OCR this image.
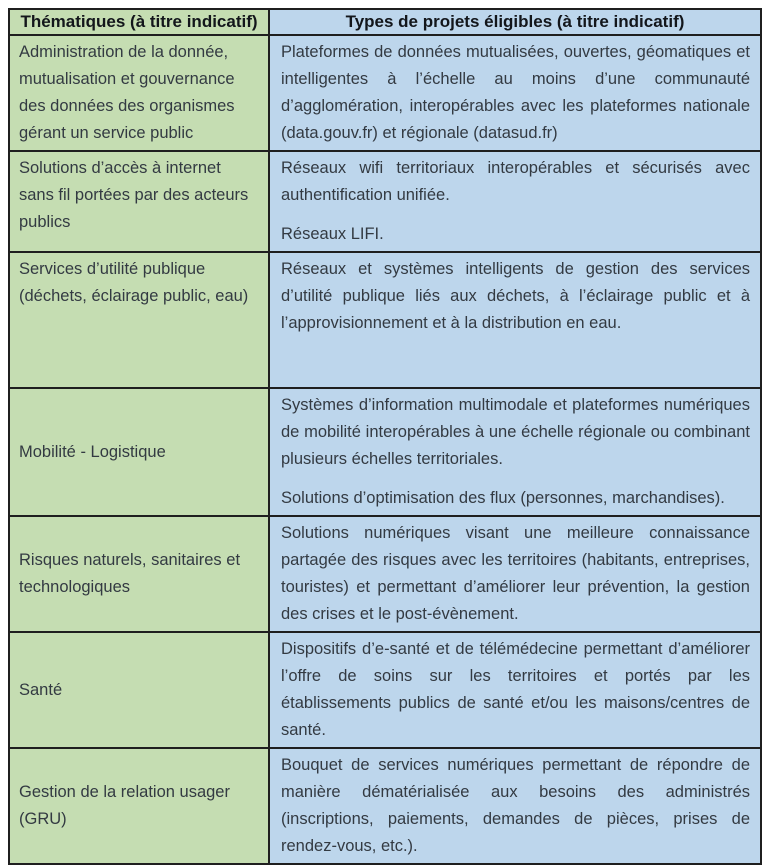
Thématiques (à titre indicatif)	Types de projets éligibles (à titre indicatif)
Administration de la donnée, mutualisation et gouvernance des données des organismes gérant un service public	Plateformes de données mutualisées, ouvertes, géomatiques et intelligentes à l’échelle au moins d’une communauté d’agglomération, interopérables avec les plateformes nationale (data.gouv.fr) et régionale (datasud.fr)

Solutions d’accès à internet sans fil portées par des acteurs publics	Réseaux wifi territoriaux interopérables et sécurisés avec authentification unifiée.

Réseaux LIFI.

Services d’utilité publique (déchets, éclairage public, eau)	Réseaux et systèmes intelligents de gestion des services d’utilité publique liés aux déchets, à l’éclairage public et à l’approvisionnement et à la distribution en eau.

Mobilité - Logistique	Systèmes d’information multimodale et plateformes numériques de mobilité interopérables à une échelle régionale ou combinant plusieurs échelles territoriales.

Solutions d’optimisation des flux (personnes, marchandises).

Risques naturels, sanitaires et technologiques	Solutions numériques visant une meilleure connaissance partagée des risques avec les territoires (habitants, entreprises, touristes) et permettant d’améliorer leur prévention, la gestion des crises et le post-évènement.

Santé	Dispositifs d’e-santé et de télémédecine permettant d’améliorer l’offre de soins sur les territoires et portés par les établissements publics de santé et/ou les maisons/centres de santé.

Gestion de la relation usager (GRU)	Bouquet de services numériques permettant de répondre de manière dématérialisée aux besoins des administrés (inscriptions, paiements, demandes de pièces, prises de rendez-vous, etc.).
